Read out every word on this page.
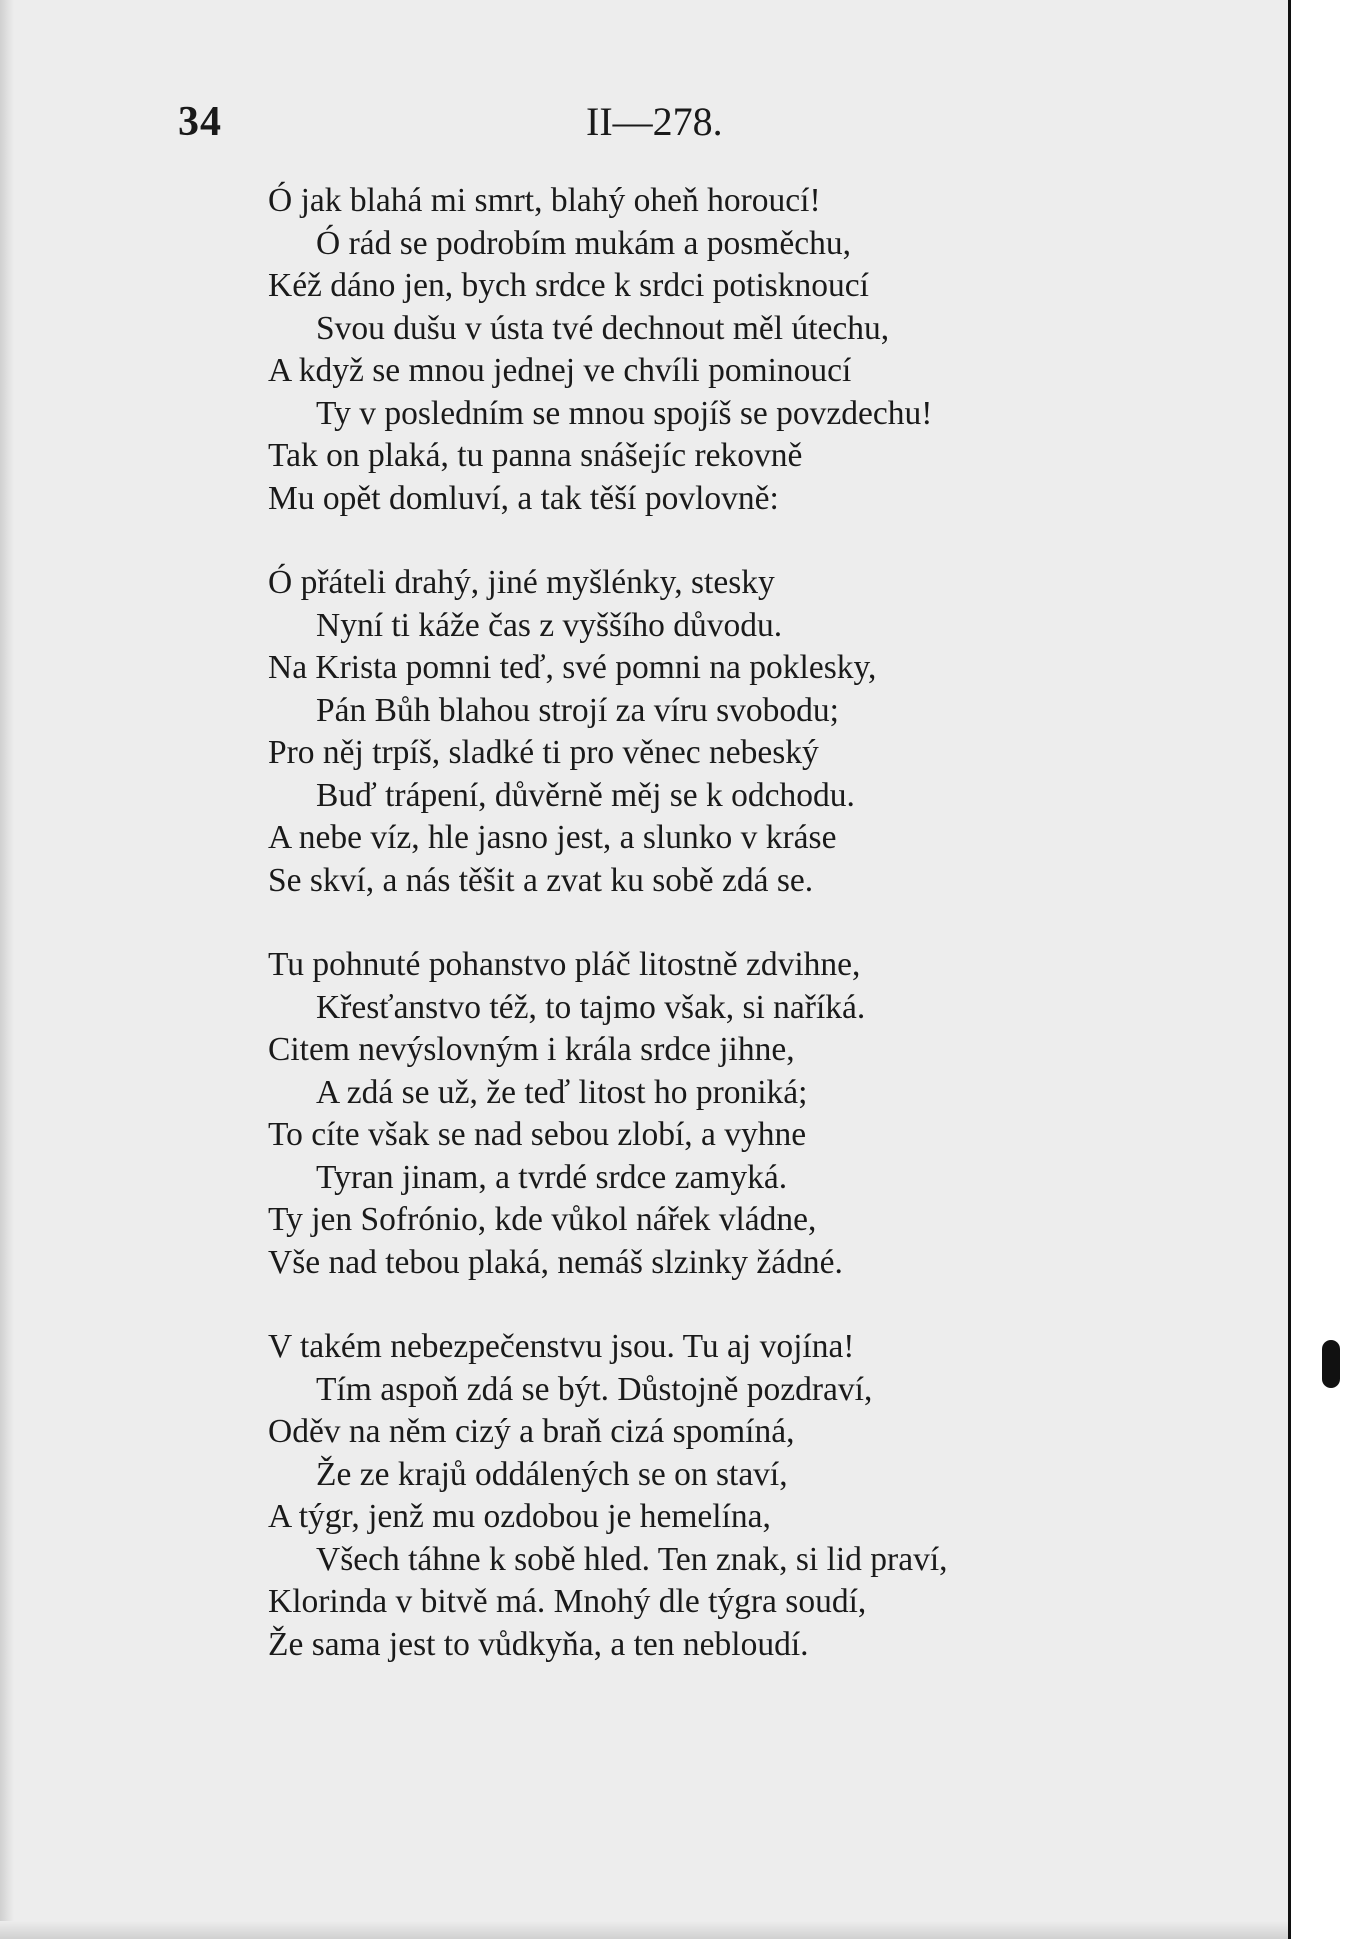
34	II—278.
Ó jak blahá mi smrt, blahý oheň horoucí!
Ó rád se podrobím mukám a posměchu,
Kéž dáno jen, bych srdce k srdci potisknoucí
Svou dušu v ústa tvé dechnout měl útechu,
A když se mnou jednej ve chvíli pominoucí
Ty v posledním se mnou spojíš se povzdechu!
Tak on plaká, tu panna snášejíc rekovně
Mu opět domluví, a tak těší povlovně:
Ó přáteli drahý, jiné myšlénky, stesky
Nyní ti káže čas z vyššího důvodu.
Na Krista pomni teď, své pomni na poklesky,
Pán Bůh blahou strojí za víru svobodu;
Pro něj trpíš, sladké ti pro věnec nebeský
Buď trápení, důvěrně měj se k odchodu.
A nebe víz, hle jasno jest, a slunko v kráse
Se skví, a nás těšit a zvat ku sobě zdá se.
Tu pohnuté pohanstvo pláč litostně zdvihne,
Křesťanstvo též, to tajmo však, si naříká.
Citem nevýslovným i krála srdce jihne,
A zdá se už, že teď litost ho proniká;
To cíte však se nad sebou zlobí, a vyhne
Tyran jinam, a tvrdé srdce zamyká.
Ty jen Sofrónio, kde vůkol nářek vládne,
Vše nad tebou plaká, nemáš slzinky žádné.
V takém nebezpečenstvu jsou. Tu aj vojína!
Tím aspoň zdá se být. Důstojně pozdraví,
Oděv na něm cizý a braň cizá spomíná,
Že ze krajů oddálených se on staví,
A týgr, jenž mu ozdobou je hemelína,
Všech táhne k sobě hled. Ten znak, si lid praví,
Klorinda v bitvě má. Mnohý dle týgra soudí,
Že sama jest to vůdkyňa, a ten nebloudí.
